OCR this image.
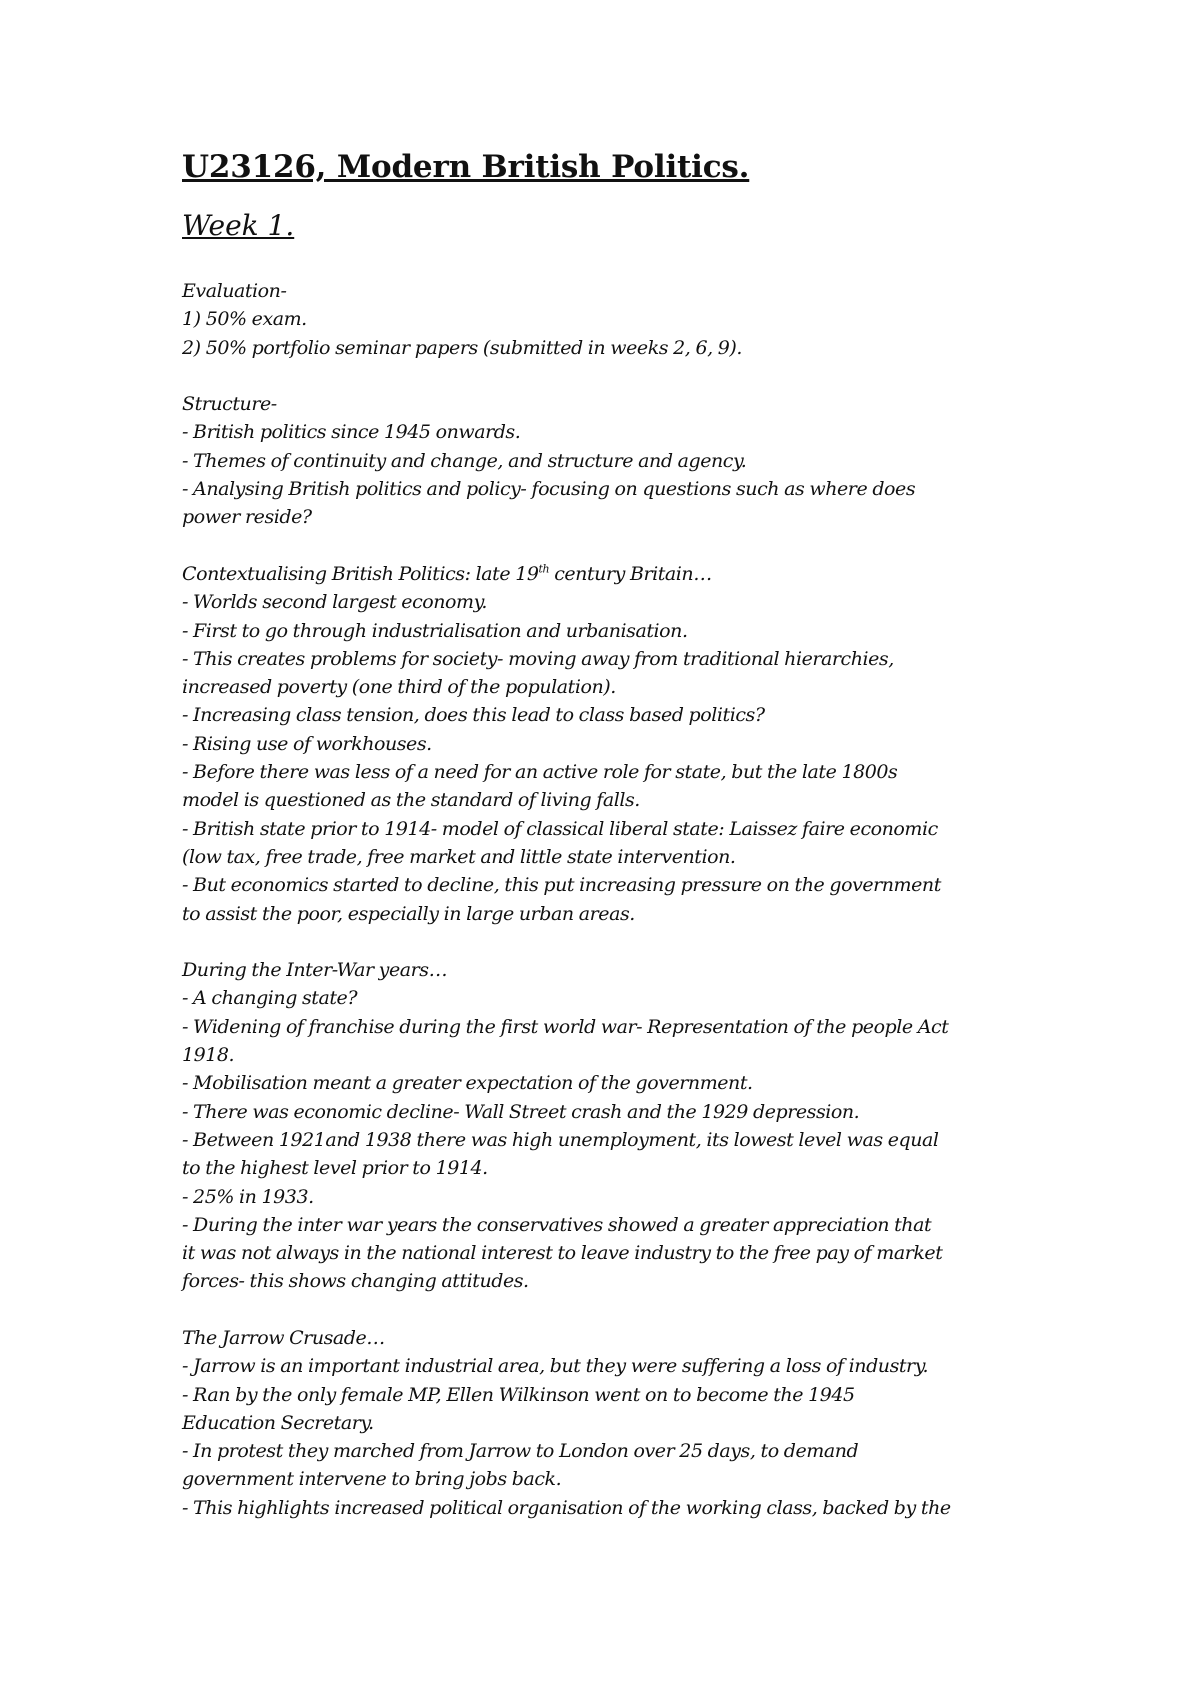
U23126, Modern British Politics.
Week 1.
Evaluation-
1) 50% exam.
2) 50% portfolio seminar papers (submitted in weeks 2, 6, 9).
Structure-
- British politics since 1945 onwards.
- Themes of continuity and change, and structure and agency.
- Analysing British politics and policy- focusing on questions such as where does
power reside?
Contextualising British Politics: late 19th century Britain…
- Worlds second largest economy.
- First to go through industrialisation and urbanisation.
- This creates problems for society- moving away from traditional hierarchies,
increased poverty (one third of the population).
- Increasing class tension, does this lead to class based politics?
- Rising use of workhouses.
- Before there was less of a need for an active role for state, but the late 1800s
model is questioned as the standard of living falls.
- British state prior to 1914- model of classical liberal state: Laissez faire economic
(low tax, free trade, free market and little state intervention.
- But economics started to decline, this put increasing pressure on the government
to assist the poor, especially in large urban areas.
During the Inter-War years…
- A changing state?
- Widening of franchise during the first world war- Representation of the people Act
1918.
- Mobilisation meant a greater expectation of the government.
- There was economic decline- Wall Street crash and the 1929 depression.
- Between 1921and 1938 there was high unemployment, its lowest level was equal
to the highest level prior to 1914.
- 25% in 1933.
- During the inter war years the conservatives showed a greater appreciation that
it was not always in the national interest to leave industry to the free pay of market
forces- this shows changing attitudes.
The Jarrow Crusade…
- Jarrow is an important industrial area, but they were suffering a loss of industry.
- Ran by the only female MP, Ellen Wilkinson went on to become the 1945
Education Secretary.
- In protest they marched from Jarrow to London over 25 days, to demand
government intervene to bring jobs back.
- This highlights increased political organisation of the working class, backed by the
